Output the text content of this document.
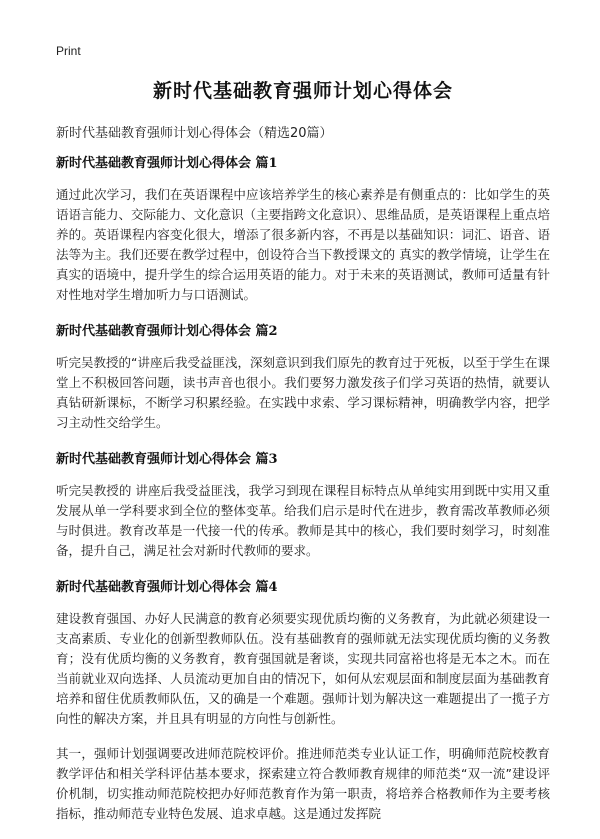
Print
新时代基础教育强师计划心得体会
新时代基础教育强师计划心得体会（精选20篇）
新时代基础教育强师计划心得体会 篇1

通过此次学习，我们在英语课程中应该培养学生的核心素养是有侧重点的：比如学生的英语语言能力、交际能力、文化意识（主要指跨文化意识）、思维品质，是英语课程上重点培养的。英语课程内容变化很大，增添了很多新内容，不再是以基础知识：词汇、语音、语法等为主。我们还要在教学过程中，创设符合当下教授课文的 真实的教学情境，让学生在真实的语境中，提升学生的综合运用英语的能力。对于未来的英语测试，教师可适量有针对性地对学生增加听力与口语测试。

新时代基础教育强师计划心得体会 篇2

听完吴教授的“讲座后我受益匪浅，深刻意识到我们原先的教育过于死板，以至于学生在课堂上不积极回答问题，读书声音也很小。我们要努力激发孩子们学习英语的热情，就要认真钻研新课标，不断学习积累经验。在实践中求索、学习课标精神，明确教学内容，把学习主动性交给学生。

新时代基础教育强师计划心得体会 篇3

听完吴教授的 讲座后我受益匪浅，我学习到现在课程目标特点从单纯实用到既中实用又重发展从单一学科要求到全位的整体变革。给我们启示是时代在进步，教育需改革教师必须与时俱进。教育改革是一代接一代的传承。教师是其中的核心，我们要时刻学习，时刻准备，提升自己，满足社会对新时代教师的要求。

新时代基础教育强师计划心得体会 篇4

建设教育强国、办好人民满意的教育必须要实现优质均衡的义务教育，为此就必须建设一支高素质、专业化的创新型教师队伍。没有基础教育的强师就无法实现优质均衡的义务教育；没有优质均衡的义务教育，教育强国就是奢谈，实现共同富裕也将是无本之木。而在当前就业双向选择、人员流动更加自由的情况下，如何从宏观层面和制度层面为基础教育培养和留住优质教师队伍，又的确是一个难题。强师计划为解决这一难题提出了一揽子方向性的解决方案，并且具有明显的方向性与创新性。

其一，强师计划强调要改进师范院校评价。推进师范类专业认证工作，明确师范院校教育教学评估和相关学科评估基本要求，探索建立符合教师教育规律的师范类“双一流”建设评价机制，切实推动师范院校把办好师范教育作为第一职责，将培养合格教师作为主要考核指标，推动师范专业特色发展、追求卓越。这是通过发挥院
